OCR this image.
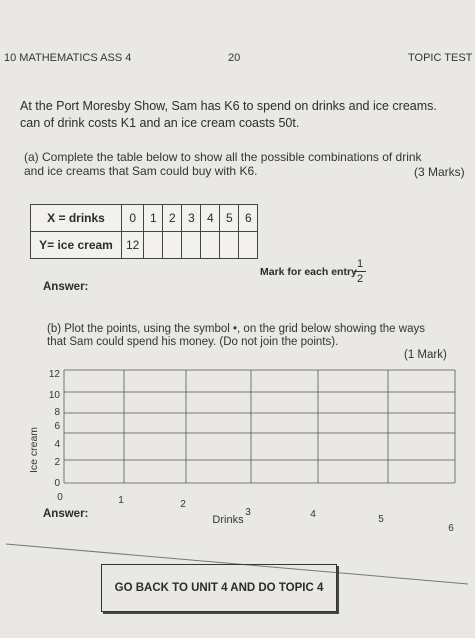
10 MATHEMATICS ASS 4	20	TOPIC TEST
At the Port Moresby Show, Sam has K6 to spend on drinks and ice creams.
can of drink costs K1 and an ice cream coasts 50t.
(a) Complete the table below to show all the possible combinations of drink
and ice creams that Sam could buy with K6.	(3 Marks)
X = drinks	0	1	2	3	4	5	6
Y= ice cream	12						
Mark for each entry
1
2
Answer:
(b) Plot the points, using the symbol •, on the grid below showing the ways
that Sam could spend his money. (Do not join the points).
(1 Mark)
12
10
8
6
4
2
0
0	1	2
3	4	5
6
Ice cream
Drinks
Answer:
GO BACK TO UNIT 4 AND DO TOPIC 4
